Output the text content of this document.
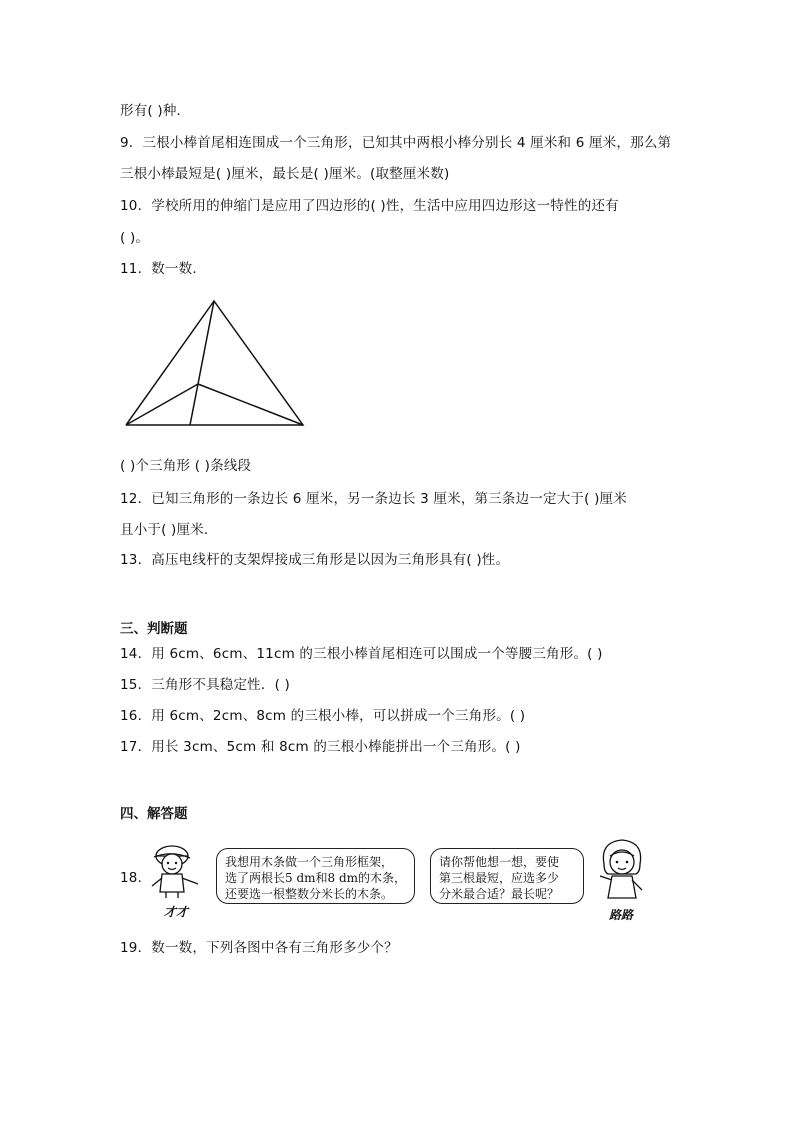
形有( )种．
9．三根小棒首尾相连围成一个三角形，已知其中两根小棒分别长 4 厘米和 6 厘米，那么第
三根小棒最短是( )厘米，最长是( )厘米。(取整厘米数)
10．学校所用的伸缩门是应用了四边形的( )性，生活中应用四边形这一特性的还有
( )。
11．数一数.
( )个三角形 ( )条线段
12．已知三角形的一条边长 6 厘米，另一条边长 3 厘米，第三条边一定大于( )厘米
且小于( )厘米．
13．高压电线杆的支架焊接成三角形是以因为三角形具有( )性。
三、判断题
14．用 6cm、6cm、11cm 的三根小棒首尾相连可以围成一个等腰三角形。( )
15．三角形不具稳定性．( )
16．用 6cm、2cm、8cm 的三根小棒，可以拼成一个三角形。( )
17．用长 3cm、5cm 和 8cm 的三根小棒能拼出一个三角形。( )
四、解答题
18．
才才
我想用木条做一个三角形框架，
选了两根长5 dm和8 dm的木条，
还要选一根整数分米长的木条。
请你帮他想一想，要使
第三根最短，应选多少
分米最合适？最长呢？
路路
19．数一数，下列各图中各有三角形多少个？
